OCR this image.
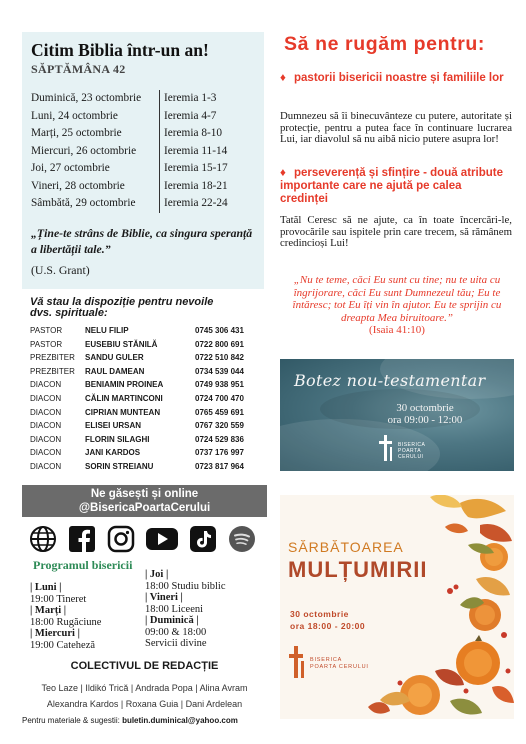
Citim Biblia într-un an!
SĂPTĂMÂNA 42
Duminică, 23 octombrie	Ieremia 1-3
Luni, 24 octombrie	Ieremia 4-7
Marți, 25 octombrie	Ieremia 8-10
Miercuri, 26 octombrie	Ieremia 11-14
Joi, 27 octombrie	Ieremia 15-17
Vineri, 28 octombrie	Ieremia 18-21
Sâmbătă, 29 octombrie	Ieremia 22-24
„Ține-te strâns de Biblie, ca singura speranță a libertății tale.”
(U.S. Grant)
Să ne rugăm pentru:
♦ pastorii bisericii noastre și familiile lor
Dumnezeu să îi binecuvânteze cu putere, autoritate și protecție, pentru a putea face în continuare lucrarea Lui, iar diavolul să nu aibă nicio putere asupra lor!
♦ perseverență și sfințire - două atribute importante care ne ajută pe calea credinței
Tatăl Ceresc să ne ajute, ca în toate încercări-le, provocările sau ispitele prin care trecem, să rămânem credincioși Lui!
„Nu te teme, căci Eu sunt cu tine; nu te uita cu îngrijorare, căci Eu sunt Dumnezeul tău; Eu te întăresc; tot Eu îți vin în ajutor. Eu te sprijin cu dreapta Mea biruitoare.”
(Isaia 41:10)
Botez nou-testamentar
30 octombrie
ora 09:00 - 12:00
BISERICA
POARTA CERULUI
Vă stau la dispoziție pentru nevoile dvs. spirituale:
PASTOR	NELU FILIP	0745 306 431
PASTOR	EUSEBIU STĂNILĂ	0722 800 691
PREZBITER	SANDU GULER	0722 510 842
PREZBITER	RAUL DAMEAN	0734 539 044
DIACON	BENIAMIN PROINEA	0749 938 951
DIACON	CĂLIN MARTINCONI	0724 700 470
DIACON	CIPRIAN MUNTEAN	0765 459 691
DIACON	ELISEI URSAN	0767 320 559
DIACON	FLORIN SILAGHI	0724 529 836
DIACON	JANI KARDOS	0737 176 997
DIACON	SORIN STREIANU	0723 817 964
Ne găsești și online
@BisericaPoartaCerului
Programul bisericii
| Luni |
19:00 Tineret
| Marți |
18:00 Rugăciune
| Miercuri |
19:00 Cateheză
| Joi |
18:00 Studiu biblic
| Vineri |
18:00 Liceeni
| Duminică |
09:00 & 18:00
Servicii divine
COLECTIVUL DE REDACȚIE
Teo Laze | Ildikó Trică | Andrada Popa | Alina Avram
Alexandra Kardos | Roxana Guia | Dani Ardelean
Pentru materiale & sugestii: buletin.duminical@yahoo.com
SĂRBĂTOAREA
MULȚUMIRII
30 octombrie
ora 18:00 - 20:00
BISERICA
POARTA CERULUI
